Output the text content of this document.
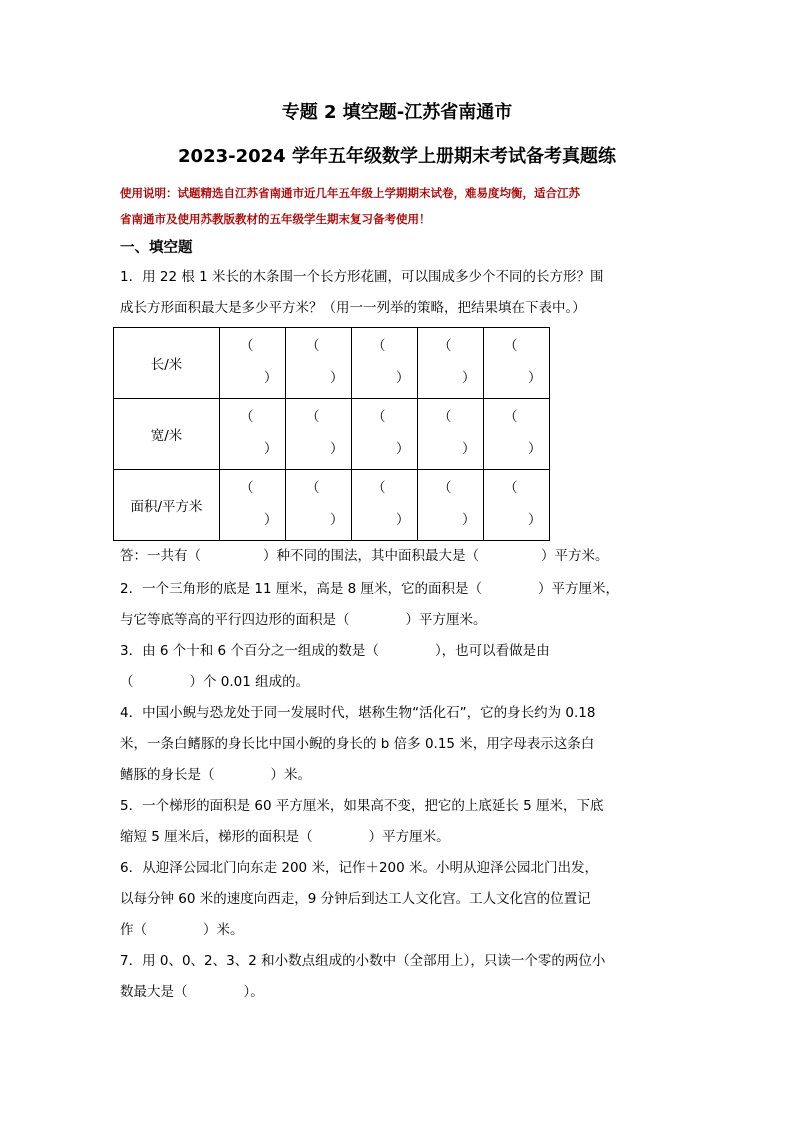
专题 2 填空题-江苏省南通市
2023-2024 学年五年级数学上册期末考试备考真题练
使用说明：试题精选自江苏省南通市近几年五年级上学期期末试卷，难易度均衡，适合江苏
省南通市及使用苏教版教材的五年级学生期末复习备考使用！
一、填空题
1．用 22 根 1 米长的木条围一个长方形花圃，可以围成多少个不同的长方形？围
成长方形面积最大是多少平方米？（用一一列举的策略，把结果填在下表中。）
长/米	（
）	（
）	（
）	（
）	（
）

宽/米	（
）	（
）	（
）	（
）	（
）

面积/平方米	（
）	（
）	（
）	（
）	（
）
答：一共有（	）种不同的围法，其中面积最大是（	）平方米。
2．一个三角形的底是 11 厘米，高是 8 厘米，它的面积是（	）平方厘米，
与它等底等高的平行四边形的面积是（	）平方厘米。
3．由 6 个十和 6 个百分之一组成的数是（	），也可以看做是由
（	）个 0.01 组成的。
4．中国小鲵与恐龙处于同一发展时代，堪称生物“活化石”，它的身长约为 0.18
米，一条白鳍豚的身长比中国小鲵的身长的 b 倍多 0.15 米，用字母表示这条白
鳍豚的身长是（	）米。
5．一个梯形的面积是 60 平方厘米，如果高不变，把它的上底延长 5 厘米，下底
缩短 5 厘米后，梯形的面积是（	）平方厘米。
6．从迎泽公园北门向东走 200 米，记作＋200 米。小明从迎泽公园北门出发，
以每分钟 60 米的速度向西走，9 分钟后到达工人文化宫。工人文化宫的位置记
作（	）米。
7．用 0、0、2、3、2 和小数点组成的小数中（全部用上），只读一个零的两位小
数最大是（	）。
